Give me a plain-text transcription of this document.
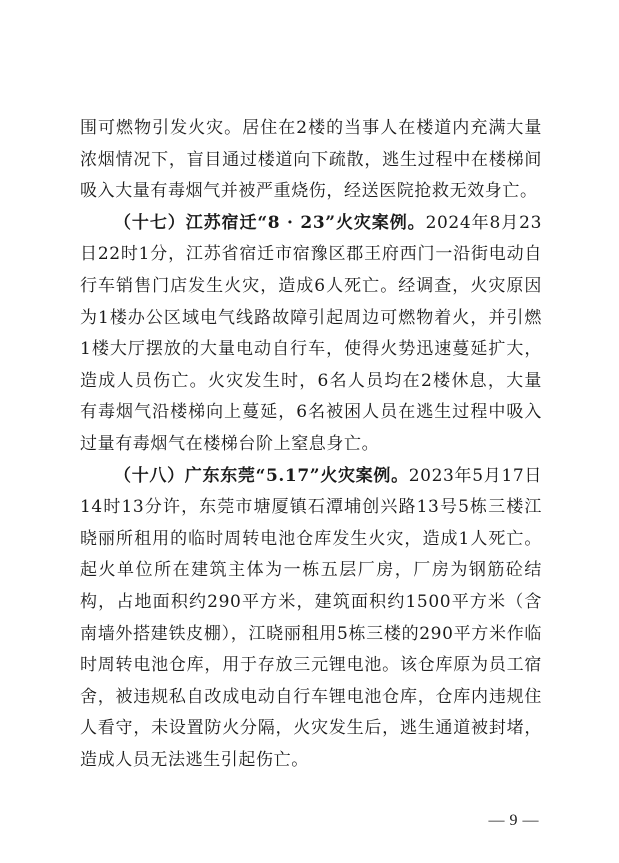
围可燃物引发火灾。居住在2楼的当事人在楼道内充满大量浓烟情况下，盲目通过楼道向下疏散，逃生过程中在楼梯间吸入大量有毒烟气并被严重烧伤，经送医院抢救无效身亡。

（十七）江苏宿迁“8 · 23”火灾案例。2024年8月23日22时1分，江苏省宿迁市宿豫区郡王府西门一沿街电动自行车销售门店发生火灾，造成6人死亡。经调查，火灾原因为1楼办公区域电气线路故障引起周边可燃物着火，并引燃1楼大厅摆放的大量电动自行车，使得火势迅速蔓延扩大，造成人员伤亡。火灾发生时，6名人员均在2楼休息，大量有毒烟气沿楼梯向上蔓延，6名被困人员在逃生过程中吸入过量有毒烟气在楼梯台阶上窒息身亡。

（十八）广东东莞“5.17”火灾案例。2023年5月17日14时13分许，东莞市塘厦镇石潭埔创兴路13号5栋三楼江晓丽所租用的临时周转电池仓库发生火灾，造成1人死亡。起火单位所在建筑主体为一栋五层厂房，厂房为钢筋砼结构，占地面积约290平方米，建筑面积约1500平方米（含南墙外搭建铁皮棚），江晓丽租用5栋三楼的290平方米作临时周转电池仓库，用于存放三元锂电池。该仓库原为员工宿舍，被违规私自改成电动自行车锂电池仓库，仓库内违规住人看守，未设置防火分隔，火灾发生后，逃生通道被封堵，造成人员无法逃生引起伤亡。

— 9 —
